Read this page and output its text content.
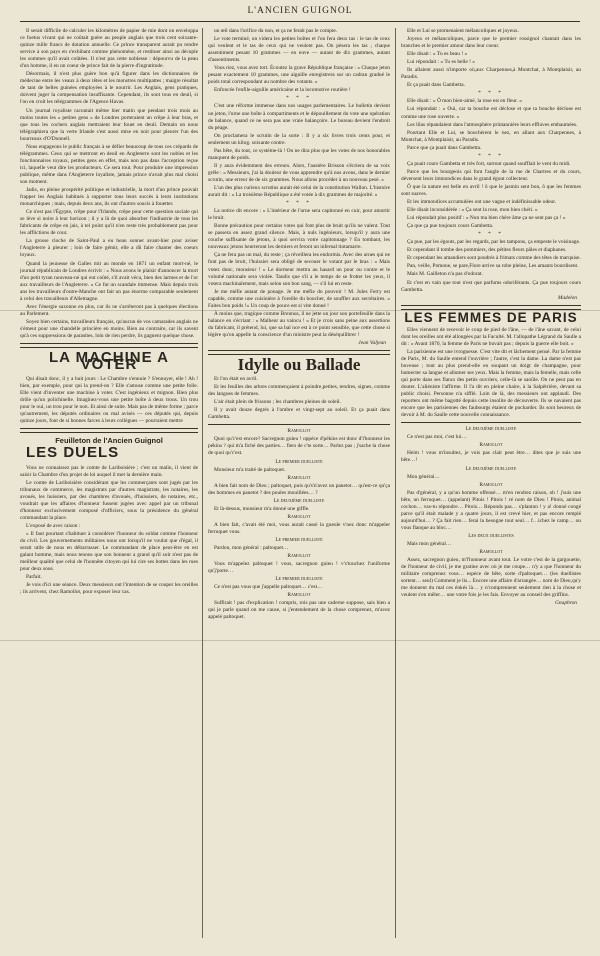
L'ANCIEN GUIGNOL

Il serait difficile de calculer les kilomètres de papier de mie dont on enveloppa ce foetus vivant qui ne coûtait guère au peuple anglais que trois cent soixante-quinze mille francs de dotation annuelle. Ce prince transparent aurait pu rendre service à son pays en s'exhibant comme phénomène, et restituer ainsi au décuple les sommes qu'il avait coûtées. Il n'est pas cette noblesse : dépourvu de la peau d'un homme, il en un coeur de prince fait de la pierre d'ingratitude.

Désormais, il n'est plus guère bon qu'à figurer dans les dictionnaires de médecine entre les veaux à deux têtes et les monstres multipattes ; maigre résultat de tant de belles guinées employées à le nourrir. Les Anglais, gens pratiques, doivent juger la compensation insuffisante. Cependant, ils sont tous en deuil, si l'on en croit les télégrammes de l'Agence Havas.

Un journal royaliste racontait même hier matin que pendant trois mois au moins toutes les « petites gens » de Londres porteraient un crêpe à leur bras, et que tous les cochers anglais mettraient leur fouet en deuil. Demain on nous télégraphiera que la verte Irlande s'est aussi mise en noir pour pleurer l'un des bourreaux d'O'Donnell.

Nous engageons le public français à se défier beaucoup de tous ces crépards de télégrammes. Ceux qui se mettront en deuil en Angleterre sont les nobles et les fonctionnaires royaux, petites gens en effet, mais non pas dans l'acception reçue ici, laquelle veut dire les producteurs. Ce sera tout. Pour produire une impression publique, même dans l'Angleterre loyaliste, jamais prince n'avait plus mal choisi son moment.

Jadis, en pleine prospérité politique et industrielle, la mort d'un prince pouvait frapper les Anglais habitués à supporter tous leurs succès à leurs institutions monarchiques ; mais, depuis deux ans, ils ont d'autres soucis à fouetter.

Ce n'est pas l'Égypte, crêpe pour l'Irlande, crêpe pour cette question sociale qui se lève si noire à leur horizon ; il y a là de quoi absorber l'indiustrie de tous les fabricants de crêpe en jais, à tel point qu'il n'en reste très probablement pas pour les afflictions de cour.

La grosse cloche de Saint-Paul a eu beau sonner avant-hier pour aviser l'Angleterre à pleurer ; loin de faire gémir, elle a dû faire chanter des coeurs loyaux.

Quand la jeunesse de Galles mit au monde en 1871 un enfant mort-né, le journal républicain de Londres écrivit : « Nous avons le plaisir d'annoncer la mort d'un petit tyran nouveau-né qui eut coûté, s'il avait vécu, bien des larmes et de l'or aux travailleurs de l'Angleterre. » Ce fut un scandale immense. Mais depuis trois ans les travailleurs d'outre-Manche ont fait un pas énorme comparable seulement à celui des travailleurs d'Allemagne.

Avec l'énergie saxonne en plus, car ils ne s'arrêteront pas à quelques élections au Parlement.

Soyez bien certains, travailleurs français, qu'aucun de vos camarades anglais ne s'émeut pour une chandelle princière en moins. Bien au contraire, car ils savent qu'à ces suppressions de parasites, loin de rien perdre, ils gagnent quelque chose.

LA MACHINE A VOTER

Qui disait donc, il y a huit jours : Le Chambre s'ennuie ? S'ennuyer, elle ! Ah ! bien, par exemple, pour qui la prend-on ? Elle s'amuse comme une petite folle. Elle vient d'inventer une machine à voter. C'est ingénieux et mignon. Bien plus drôle qu'un polichinelle. Imaginez-vous une petite boîte à deux trous. Un trou pour le oui, un trou pour le non. Et ainsi de suite. Mais pas de même forme ; parce qu'autrement, les députés ordinaires ou mal avisés — ces députés qui, depuis quinze jours, font de si bonnes farces à leurs collègues — pourraient mettre

Feuilleton de l'Ancien Guignol
LES DUELS

Vous ne connaissez pas le comte de Lariboisière ; c'est un malin, il vient de saisir la Chambre d'un projet de loi auquel il met la dernière main.

Le comte de Lariboisière considérant que les commerçants sont jugés par les tribunaux de commerce, les magistrats par d'autres magistrats, les notaires, les avoués, les huissiers, par des chambres d'avoués, d'huissiers, de notaires, etc., voudrait que les affaires d'honneur fussent jugées avec appel par un tribunal d'honneur exclusivement composé d'officiers, sous la présidence du général commandant la place.

L'exposé de avec raison :

« Il faut pourtant s'habituer à considérer l'honneur du soldat comme l'honneur du civil. Les gouvernements militaires nous ont lorsqu'il ne voulut que d'égal, il serait utile de nous en débarrasser. Le commandant de place peut-être en est galant homme, mais nous tenons que son honneur a grand qu'il soit n'est pas de meilleur qualité que celui de l'honnête citoyen qui lui cire ses bottes dans les rues pour deux sous.

Parfait.

Je vois d'ici une séance. Deux messieurs ont l'intention de se couper les oreilles ; ils arrivent, chez Ramollot, pour exposer leur cas.

un œil dans l'orifice du non, et ça ne ferait pas le compte.

Le vote terminé, on videra les petites boîtes et l'on fera deux tas : le tas de ceux qui veulent et le tas de ceux qui ne veulent pas. On pèsera les tas ; chaque assentiment pesant 10 grammes — en euve — autant de dix grammes, autant d'assentiments.

Vous riez, vous avez tort. Écoutez la grave République française : « Chaque jeton pesant exactement 10 grammes, une aiguille enregistrera sur un cadran gradué le poids total correspondant au nombre des votants. »

Enfoncée l'enfile-aiguille américaine et la locomotive routière !

* * *

C'est une réforme immense dans nos usages parlementaires. Le bulletin devient un jeton, l'urne une boîte à compartiments et le dépouillement du vote une opération de balance, quand ce ne sera pas une vraie balançoire. Le bureau devient l'endroit du péage.

On proclamera le scrutin de la sorte : Il y a six livres trois cents pour, et seulement un kilog. soixante contre.

Pas bête, du tout, ce système-là ! On ne dira plus que les votes de nos honorables manquent de poids.

Il y aura évidemment des erreurs. Alors, l'austère Brisson s'écriera de sa voix grêle : « Messieurs, j'ai la douleur de vous apprendre qu'à nos avons, dans le dernier scrutin, une erreur de de six grammes. Nous allons procéder à un nouveau pesé. »

L'un des plus curieux scrutins aurait été celui de la constitution Wallon. L'histoire aurait dit : « La troisième République a été votée à dix grammes de majorité. »

* * *

La notice dit encore : « L'intérieur de l'urne sera capitonné en cuir, pour amortir le bruit.

Bonne précaution pour certains votes qui font plus de bruit qu'ils ne valent. Tout se passera en assez grand silence. Mais, à nuls ingénieurs, lorsqu'il y aura une couche suffisante de jetons, à quoi servira votre capitonnage ? En tombant, les nouveaux jetons heurteront les derniers et feront un infernal tintamarre.

Ça ne fera pas un mal, du reste ; ça réveillera les endormis. Avec des urnes qui ne font pas de bruit, l'huissier sera obligé de secouer le votant par le bras : « Mais votez donc, monsieur ! » Le dormeur mettra au hasard un pour ou contre et le volumé nationale sera violée. Tandis que s'il a le temps de se frotter les yeux, il votera machinalement, mais selon son bon sang, — s'il lui en reste.

Je me méfie autant de ponage. Je me méfie du pouvoir ! M. Jules Ferry est capable, comme une cuisinière à l'oreille du boucher, de souffler aux secrétaires. « Faites bon poids !» Un coup de pouce est si vite donné !

À moins que, tragique comme Brennus, il ne jette un jour son portefeuille dans la balance en s'écriant : « Malheur au vaincu ! » Et je crois sans peine aux assertions du fabricant, il prétend, lui, que sa bal nce est à ce point sensible, que cette chose si légère qu'on appelle la conscience d'un ministre peut la déséquilibrer !

Jean Valjean
Idylle ou Ballade

Et l'on était en avril.

Et les feuilles des arbres commençaient à poindre,petites, tendres, signes, comme des langues de femmes.

L'air était plein de frissons ; les chambres pleines de soleil.

Il y avait douze degrés à l'ombre et vingt-sept au soleil. Et ça puait dans Gambetta.

Ramollot

Quoi qu'c'est encore? Sacregnon guieu ! oppéce d'pékins est donc d'l'honneur les pékins ? qui m'a fiché des parties… fiers de c'te sorte… Parlez pas ; j'sache la chose de quoi qu'c'est.

Le premier duelliste

Monsieur m'a traité de paltoquet.

Ramollot

A bien fait nom de Dieu ; paltoquet, puis qu's'n'avez un panetot… qu'est-ce qu'ça des hommes en panetot ? des poules mouillées… ?

Le deuxième duelliste

Et là-dessus, monsieur m'a donné une giffle.

Ramollot

A bien fait, c'avait été moi, vous aurait cassé la gueule v'nez donc m'appeler ferruquet vous.

Le premier duelliste

Pardon, mon général : paltoquet…

Ramollot

Vous m'appelez paltoquet ! vous, sacregnon guieu ! v's'touchez l'uniforme qu'j'porte…

Le premier duelliste

Ce n'est pas vous que j'appelle paltoquet… c'est…

Ramollot

Suffirait ! pas d'explication ! compris, rois pas une caderne suppose, sais bien a qui je parle quand on me cause, si j'entendement de la chose comprenez, m'avez appelé paltoquet.

Elle et Lui se promenaient mélancoliques et joyeux.

Joyeux et mélancoliques, parce que le premier rossignol chantait dans les branches et le premier amour dans leur coeur.

Elle disait : « Tu es beau ! »

Lui répondait : « Tu es belle ! »

Ils allaient aussi n'importe où,aux Charpennes,à Montchat, à Montplaisir, au Paradis.

Et ça puait dans Gambetta.

* * *

Elle disait : « Ô mon bien-aimé, la rose est en fleur. »

Lui répondait : « Oui, car ta bouche est déclose et que ta bouche déclose est comme une rose ouverte. »

Les lilas répandaient dans l'atmosphère printannière leurs effluves embaumées.

Pourtant Elle et Lui, se bouchèrent le nez, en allant aux Charpennes, à Montchat, à Montplaisir, au Paradis.

Parce que ça puait dans Gambetta.

* * *

Ça puait cours Gambetta et très fort, surtout quand soufflait le vent du midi.

Parce que les bourgeois qui font l'angle de la rue de Chartres et du cours, déversent leurs immondices dans le grand égout collecteur.

Ô que la nature est belle en avril ! ô que le jasmin sent bon, ô que les femmes sont suaves.

Et les immondices accumulées ont une vague et indéfinissable odeur.

Elle disait inconsidérée : « Ça sent la rose, mon bien chéri. »

Lui répondait plus positif : « Non ma bien chère âme ça ne sent pas ça ! »

Ça que ça pue toujours cours Gambetta.

* * *

Ça pue, par les égouts, par les regards, par les tampons, ça empeste le voisinage.

Et cependant il tombe des pommiers, des pétites fleurs pâles et diaphanes.

Et cependant les amandiers sont poudrés à frimats comme des têtes de marquise.

Pan, veille, Pomone, se pare,Flore arrive sa robe pleine, Les amants bourdisent.

Mais M. Gailleton n'a pas d'odorat.

Et c'est en vain que tout n'est que parfums odoriférants. Ça pue toujours cours Gambetta.

Madelon
LES FEMMES DE PARIS

Elles viennent de recevoir le coup de pied de l'âne, — de l'âne savant, de celui dont les oreilles ont été allongées par la Faculté. M. l'allopathe Légrand du Saulle a dit : « Avant 1870, la femme de Paris ne buvait pas ; depuis la guerre elle boit. »

La parisienne est une ivrognesse. C'est vite dit et lâchement pensé. Par la femme de Paris, M. du Saulle entend l'ouvrière ; l'autre, c'est la dame. La dame n'est pas buveuse ; tout au plus prend-elle en soupant un doigt de champagne, pour humecter sa langue et allumer ses yeux. Mais la femme, mais la femelle, mais celle qui porte dans ses flancs des petits ouvriers, celle-là se saoûle. On ne peut pas en douter. L'aliéniste l'affirme. Il l'a dit en pleine chaire, à la Salpêtrière, devant sa public choisi. Personne n'a sifflé. Loin de là, des messieurs ont applaudi. Des reporters ont même bagotté depuis cette insolite de découverte. Ils se navaient pas encore que les parisiennes des faubourgs étaient de pocharder. Ils sont heureux de devoir à M. du Saulle cette nouvelle connaissance.

Le deuxième duelliste

Ce n'est pas moi, c'est lui…

Ramollot

Heim ! vous m'insultez, je vois pas clair peut être… dites que je suis une bête…!

Le deuxième duelliste

Mon général…

Ramollot

Pas d'général, y a qu'un homme offensé… m'en rendrez raison, oh ! j'suis une bête, un ferruquet… (appelant) Pitois ! Pitois ! ré nom de Dieu ! Pitois, animal cochon… vas-tu répondre… Pitois… Réponds pas… s'planton ! y a! donné congé parce qu'il était malade y a quatre jours, il est crevé hier, et pas encore remplé aujourd'hui… ? Ça fait rien… ferai la besogne tout seul… f…ichez le camp… ou vous flanque au bloc…

Les deux duellistes

Mais mon général…

Ramollot

Assez, sacregnon guieu, m'l'honneur avant tout. Le votre c'est de la gargouette, de l'honneur de civil, je me gratine avec où je me coupe… n'y a que l'honneur du militaire comprenez vous… espèce de bête, sorte d'paltoquet… (les duellistes sortent… seul) Comment je lis... Encore une affaire d'arrangée… nom de Dieu,qu'y me donnent du mal ces énkés là… y n'comprennent seulement rien à la chose et veulent s'en mêler… une votre fois je les fais. Envoyer au conseil des griffins.

Gnaphron
